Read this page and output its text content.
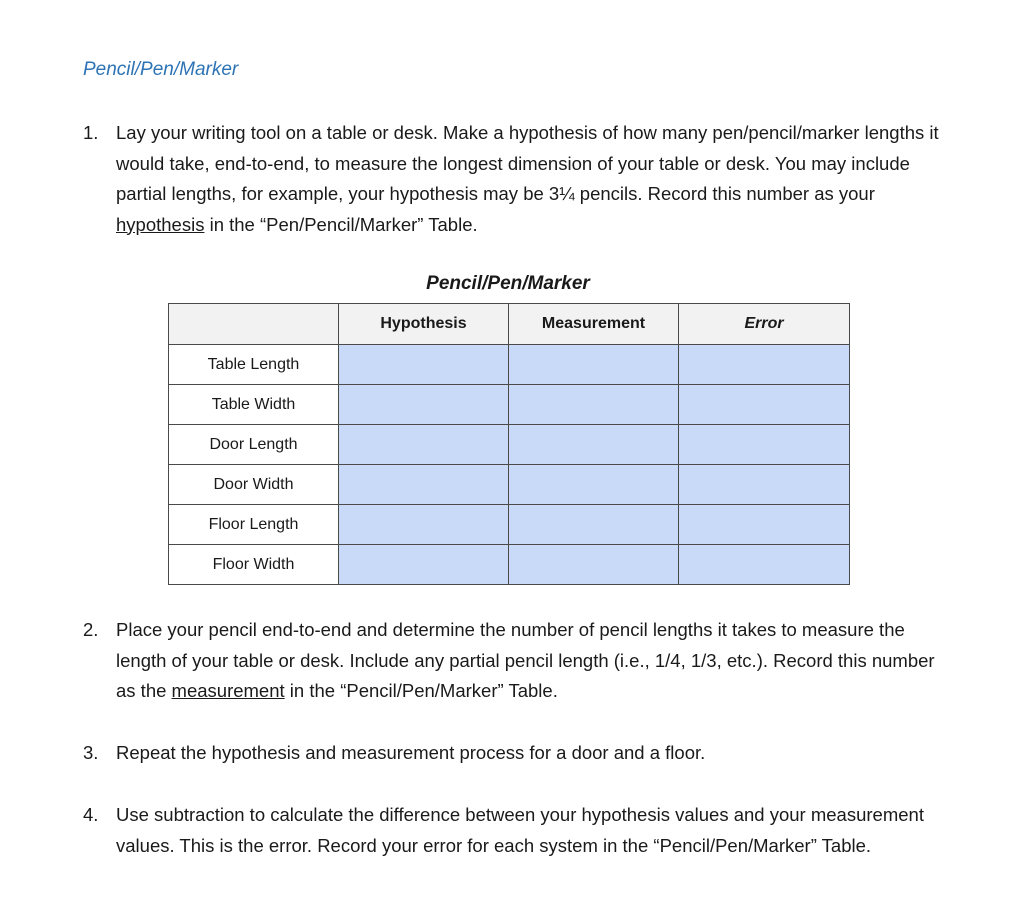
Pencil/Pen/Marker
1. Lay your writing tool on a table or desk. Make a hypothesis of how many pen/pencil/marker lengths it would take, end-to-end, to measure the longest dimension of your table or desk. You may include partial lengths, for example, your hypothesis may be 3¼ pencils. Record this number as your hypothesis in the “Pen/Pencil/Marker” Table.
Pencil/Pen/Marker
	Hypothesis	Measurement	Error
Table Length			
Table Width			
Door Length			
Door Width			
Floor Length			
Floor Width			
2. Place your pencil end-to-end and determine the number of pencil lengths it takes to measure the length of your table or desk. Include any partial pencil length (i.e., 1/4, 1/3, etc.). Record this number as the measurement in the “Pencil/Pen/Marker” Table.
3. Repeat the hypothesis and measurement process for a door and a floor.
4. Use subtraction to calculate the difference between your hypothesis values and your measurement values. This is the error. Record your error for each system in the “Pencil/Pen/Marker” Table.
